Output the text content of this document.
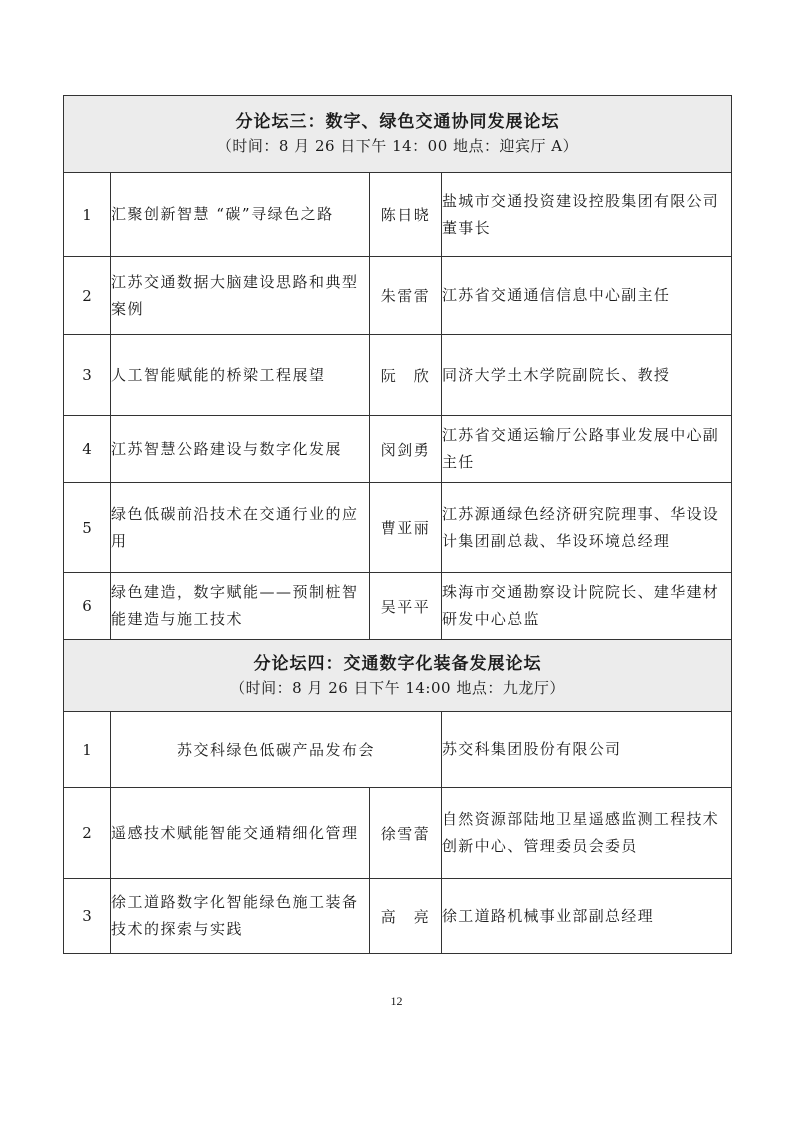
分论坛三：数字、绿色交通协同发展论坛
（时间：8 月 26 日下午 14：00 地点：迎宾厅 A）			

1	汇聚创新智慧 “碳”寻绿色之路	陈日晓	盐城市交通投资建设控股集团有限公司董事长
2	江苏交通数据大脑建设思路和典型案例	朱雷雷	江苏省交通通信信息中心副主任
3	人工智能赋能的桥梁工程展望	阮　欣	同济大学土木学院副院长、教授
4	江苏智慧公路建设与数字化发展	闵剑勇	江苏省交通运输厅公路事业发展中心副主任
5	绿色低碳前沿技术在交通行业的应用	曹亚丽	江苏源通绿色经济研究院理事、华设设计集团副总裁、华设环境总经理
6	绿色建造，数字赋能——预制桩智能建造与施工技术	吴平平	珠海市交通勘察设计院院长、建华建材研发中心总监

分论坛四：交通数字化装备发展论坛
（时间：8 月 26 日下午 14:00 地点：九龙厅）			

1	苏交科绿色低碳产品发布会		苏交科集团股份有限公司
2	遥感技术赋能智能交通精细化管理	徐雪蕾	自然资源部陆地卫星遥感监测工程技术创新中心、管理委员会委员
3	徐工道路数字化智能绿色施工装备技术的探索与实践	高　亮	徐工道路机械事业部副总经理
12
